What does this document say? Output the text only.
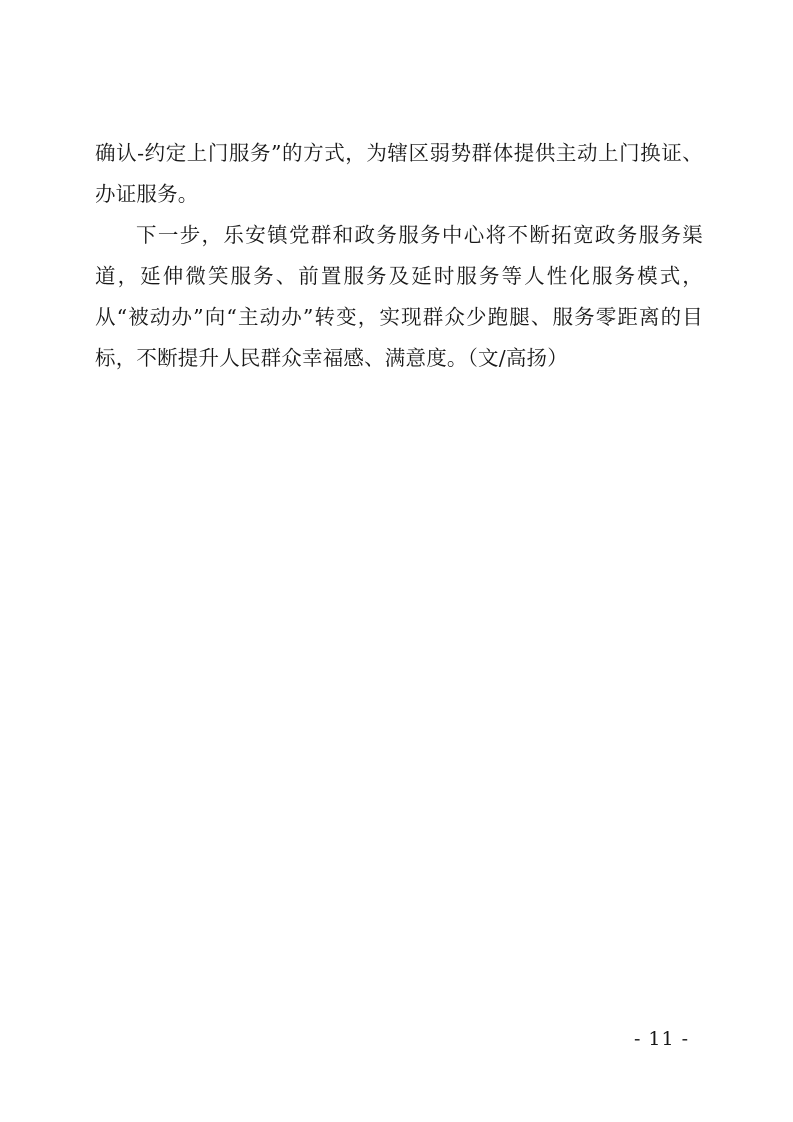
确认-约定上门服务”的方式，为辖区弱势群体提供主动上门换证、办证服务。

下一步，乐安镇党群和政务服务中心将不断拓宽政务服务渠道，延伸微笑服务、前置服务及延时服务等人性化服务模式，从“被动办”向“主动办”转变，实现群众少跑腿、服务零距离的目标，不断提升人民群众幸福感、满意度。（文/高扬）

- 11 -
